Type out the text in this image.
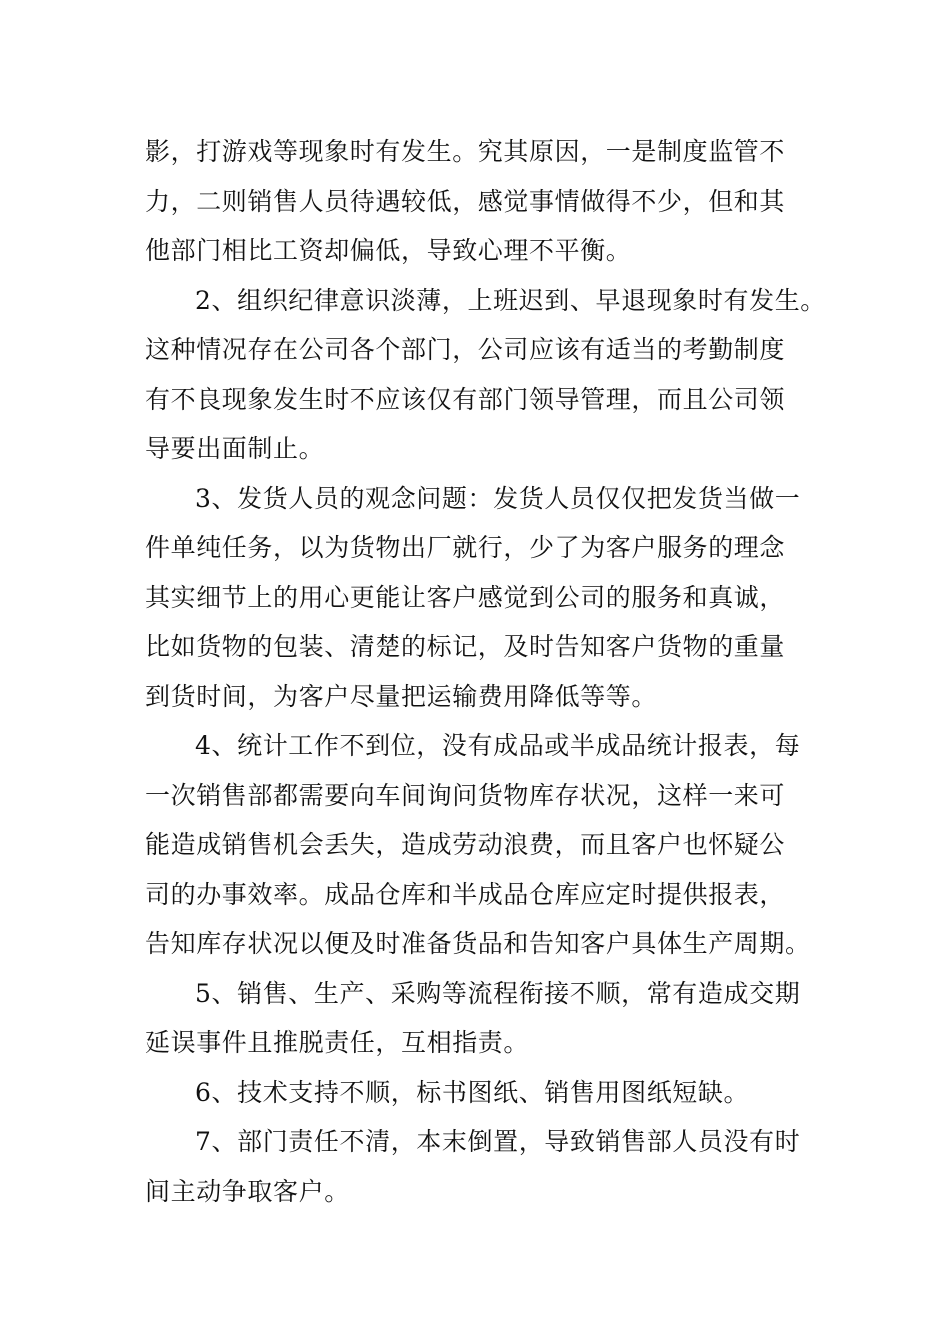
影，打游戏等现象时有发生。究其原因，一是制度监管不
力，二则销售人员待遇较低，感觉事情做得不少，但和其
他部门相比工资却偏低，导致心理不平衡。
2、组织纪律意识淡薄，上班迟到、早退现象时有发生。
这种情况存在公司各个部门，公司应该有适当的考勤制度
有不良现象发生时不应该仅有部门领导管理，而且公司领
导要出面制止。
3、发货人员的观念问题：发货人员仅仅把发货当做一
件单纯任务，以为货物出厂就行，少了为客户服务的理念
其实细节上的用心更能让客户感觉到公司的服务和真诚，
比如货物的包装、清楚的标记，及时告知客户货物的重量
到货时间，为客户尽量把运输费用降低等等。
4、统计工作不到位，没有成品或半成品统计报表，每
一次销售部都需要向车间询问货物库存状况，这样一来可
能造成销售机会丢失，造成劳动浪费，而且客户也怀疑公
司的办事效率。成品仓库和半成品仓库应定时提供报表，
告知库存状况以便及时准备货品和告知客户具体生产周期。
5、销售、生产、采购等流程衔接不顺，常有造成交期
延误事件且推脱责任，互相指责。
6、技术支持不顺，标书图纸、销售用图纸短缺。
7、部门责任不清，本末倒置，导致销售部人员没有时
间主动争取客户。
